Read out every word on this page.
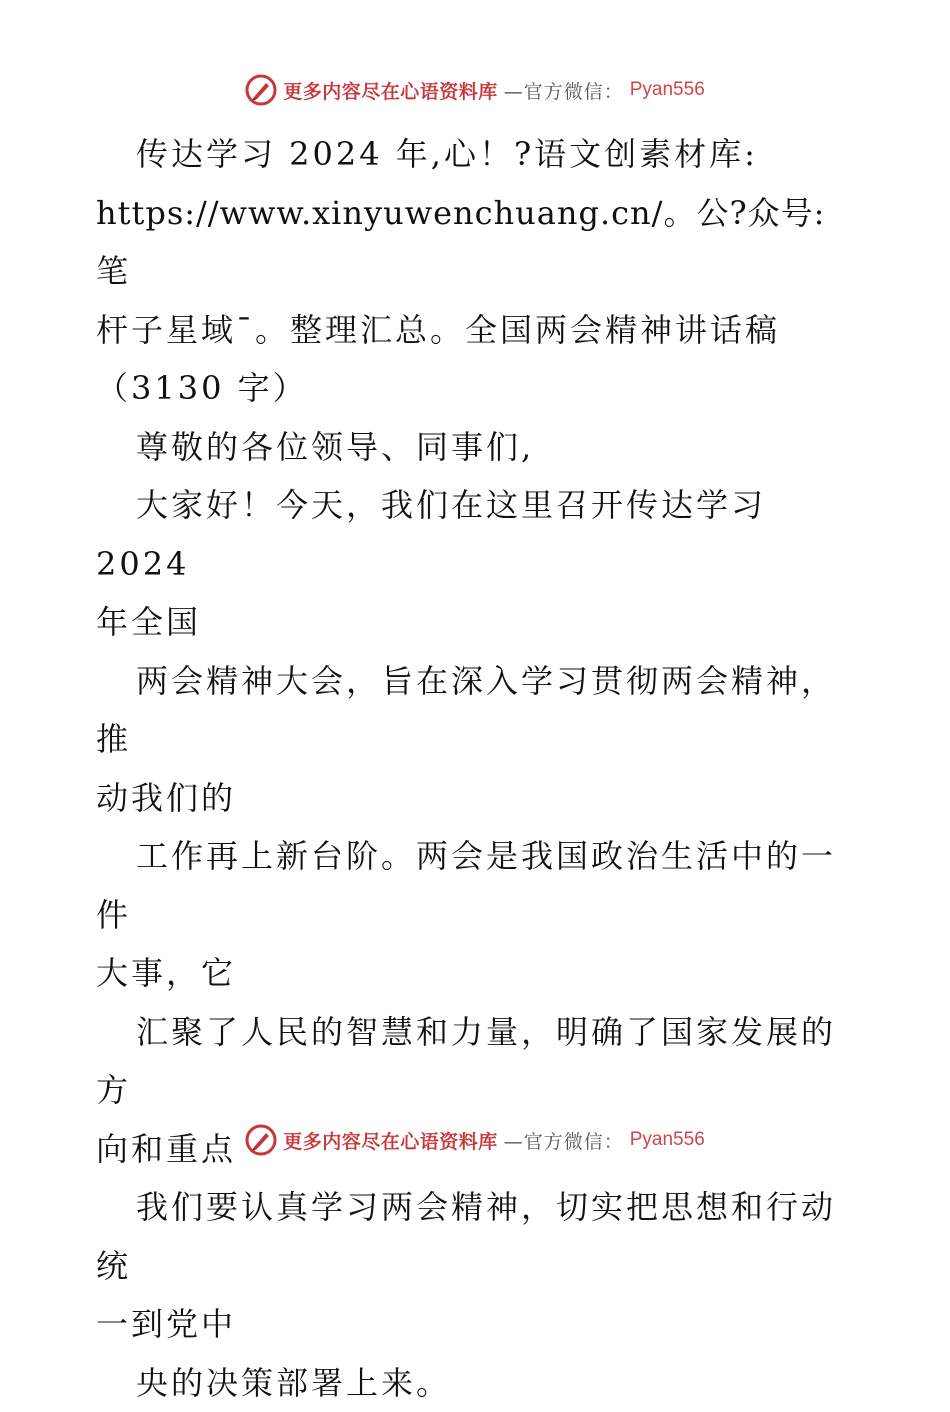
更多内容尽在心语资料库 —官方微信： Pyan556

传达学习 2024 年,心！?语文创素材库:

https://www.xinyuwenchuang.cn/。公?众号: 笔

杆子星域¯。整理汇总。全国两会精神讲话稿

（3130 字）

尊敬的各位领导、同事们,

大家好！今天，我们在这里召开传达学习 2024

年全国

两会精神大会，旨在深入学习贯彻两会精神，推

动我们的

工作再上新台阶。两会是我国政治生活中的一件

大事，它

汇聚了人民的智慧和力量，明确了国家发展的方

向和重点

我们要认真学习两会精神，切实把思想和行动统

一到党中

央的决策部署上来。

更多内容尽在心语资料库 —官方微信： Pyan556
